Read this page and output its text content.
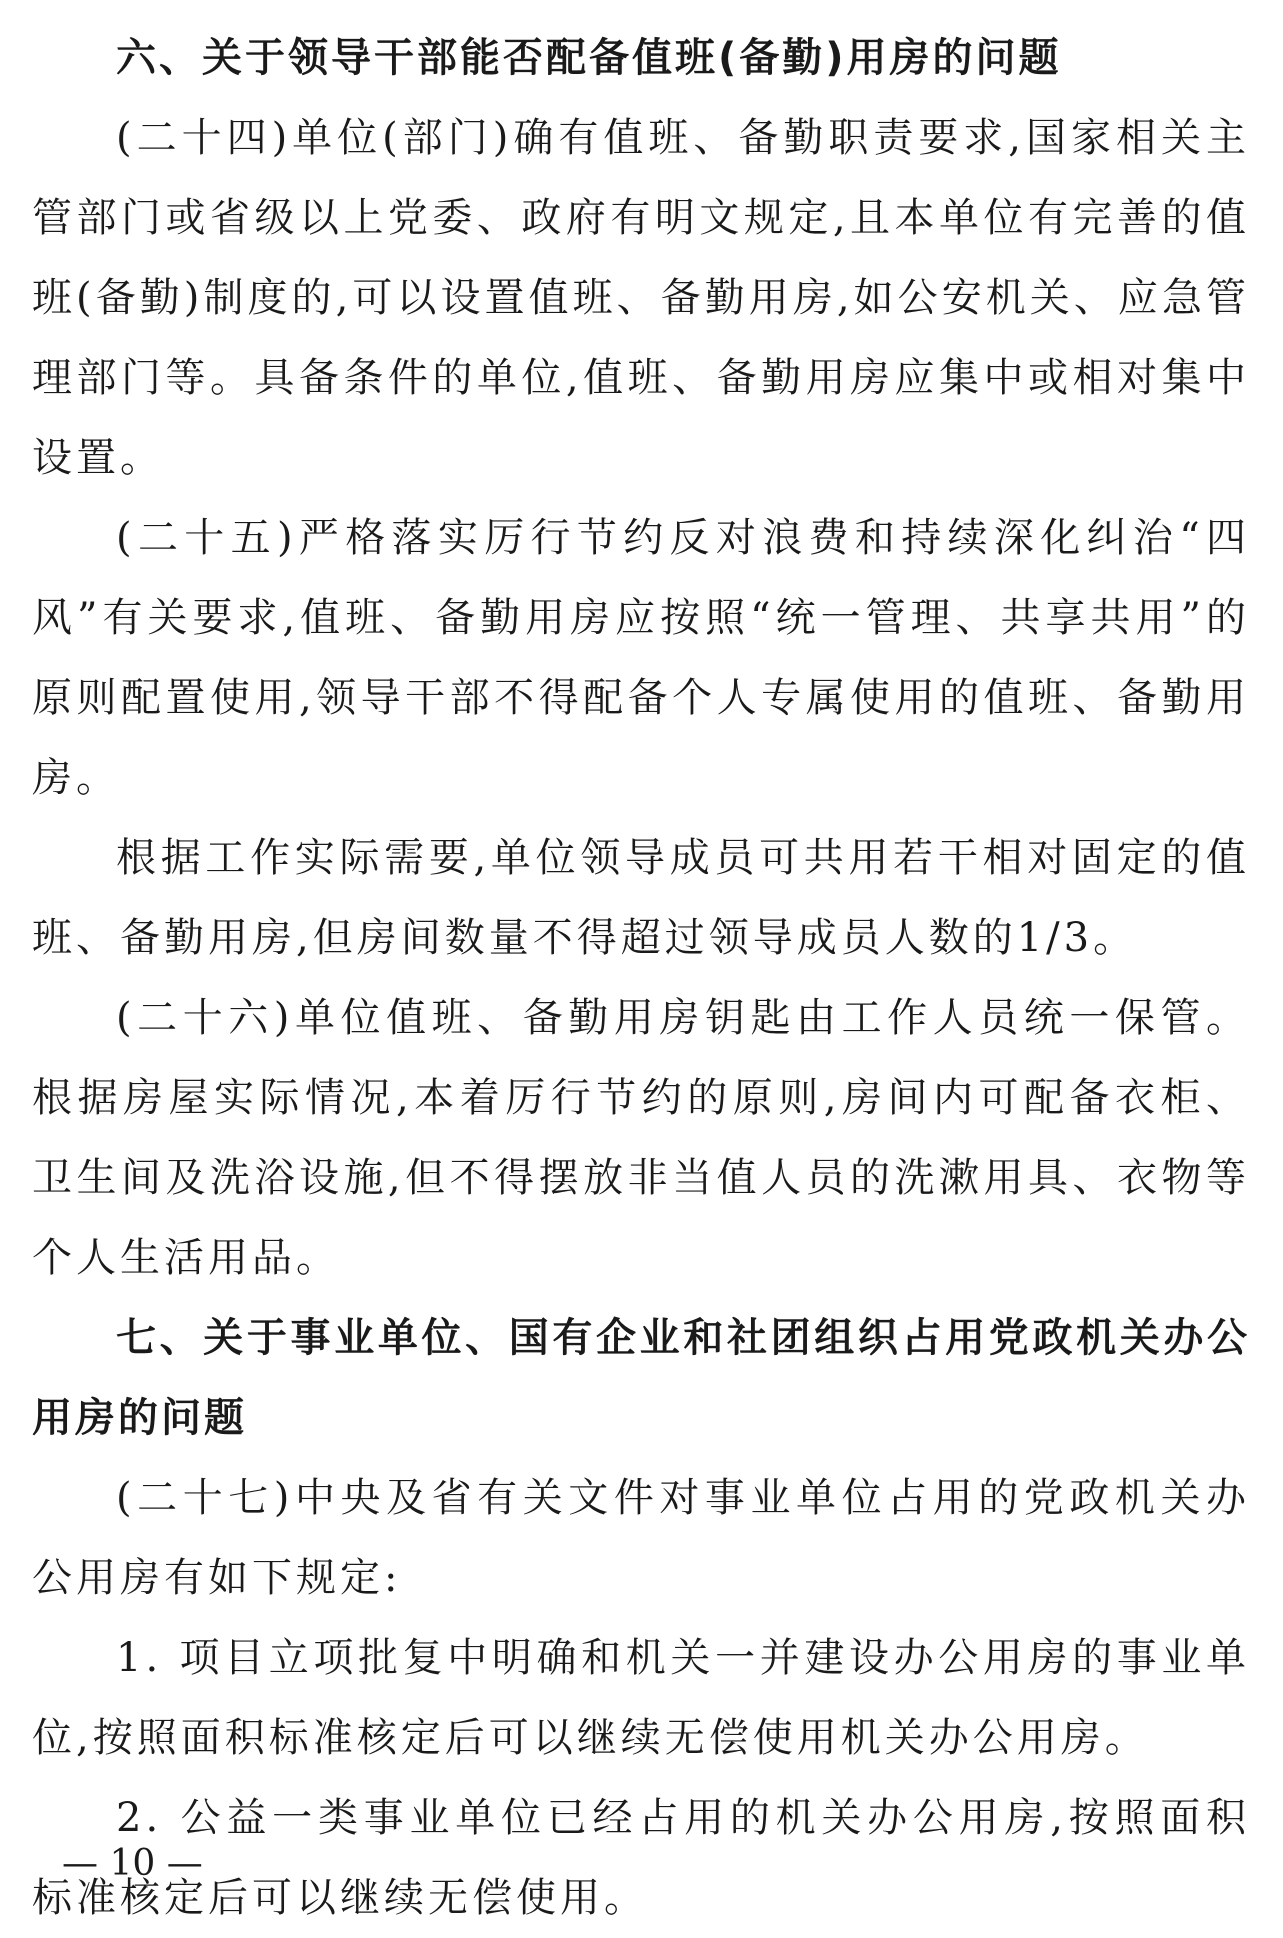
六、关于领导干部能否配备值班(备勤)用房的问题

(二十四)单位(部门)确有值班、备勤职责要求,国家相关主管部门或省级以上党委、政府有明文规定,且本单位有完善的值班(备勤)制度的,可以设置值班、备勤用房,如公安机关、应急管理部门等。具备条件的单位,值班、备勤用房应集中或相对集中设置。

(二十五)严格落实厉行节约反对浪费和持续深化纠治“四风”有关要求,值班、备勤用房应按照“统一管理、共享共用”的原则配置使用,领导干部不得配备个人专属使用的值班、备勤用房。

根据工作实际需要,单位领导成员可共用若干相对固定的值班、备勤用房,但房间数量不得超过领导成员人数的1/3。

(二十六)单位值班、备勤用房钥匙由工作人员统一保管。根据房屋实际情况,本着厉行节约的原则,房间内可配备衣柜、卫生间及洗浴设施,但不得摆放非当值人员的洗漱用具、衣物等个人生活用品。

七、关于事业单位、国有企业和社团组织占用党政机关办公用房的问题

(二十七)中央及省有关文件对事业单位占用的党政机关办公用房有如下规定:

1. 项目立项批复中明确和机关一并建设办公用房的事业单位,按照面积标准核定后可以继续无偿使用机关办公用房。

2. 公益一类事业单位已经占用的机关办公用房,按照面积标准核定后可以继续无偿使用。

— 10 —
